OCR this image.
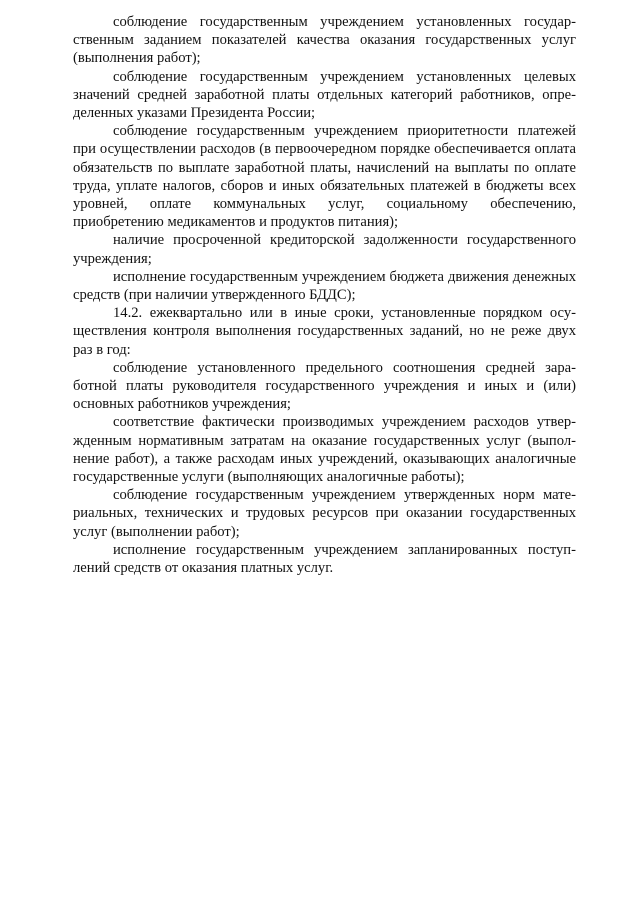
соблюдение государственным учреждением установленных государственным заданием показателей качества оказания государственных услуг (выполнения работ);

соблюдение государственным учреждением установленных целевых значений средней заработной платы отдельных категорий работников, определенных указами Президента России;

соблюдение государственным учреждением приоритетности платежей при осуществлении расходов (в первоочередном порядке обеспечивается оплата обязательств по выплате заработной платы, начислений на выплаты по оплате труда, уплате налогов, сборов и иных обязательных платежей в бюджеты всех уровней, оплате коммунальных услуг, социальному обеспечению, приобретению медикаментов и продуктов питания);

наличие просроченной кредиторской задолженности государственного учреждения;

исполнение государственным учреждением бюджета движения денежных средств (при наличии утвержденного БДДС);

14.2. ежеквартально или в иные сроки, установленные порядком осуществления контроля выполнения государственных заданий, но не реже двух раз в год:

соблюдение установленного предельного соотношения средней заработной платы руководителя государственного учреждения и иных и (или) основных работников учреждения;

соответствие фактически производимых учреждением расходов утвержденным нормативным затратам на оказание государственных услуг (выполнение работ), а также расходам иных учреждений, оказывающих аналогичные государственные услуги (выполняющих аналогичные работы);

соблюдение государственным учреждением утвержденных норм материальных, технических и трудовых ресурсов при оказании государственных услуг (выполнении работ);

исполнение государственным учреждением запланированных поступлений средств от оказания платных услуг.
